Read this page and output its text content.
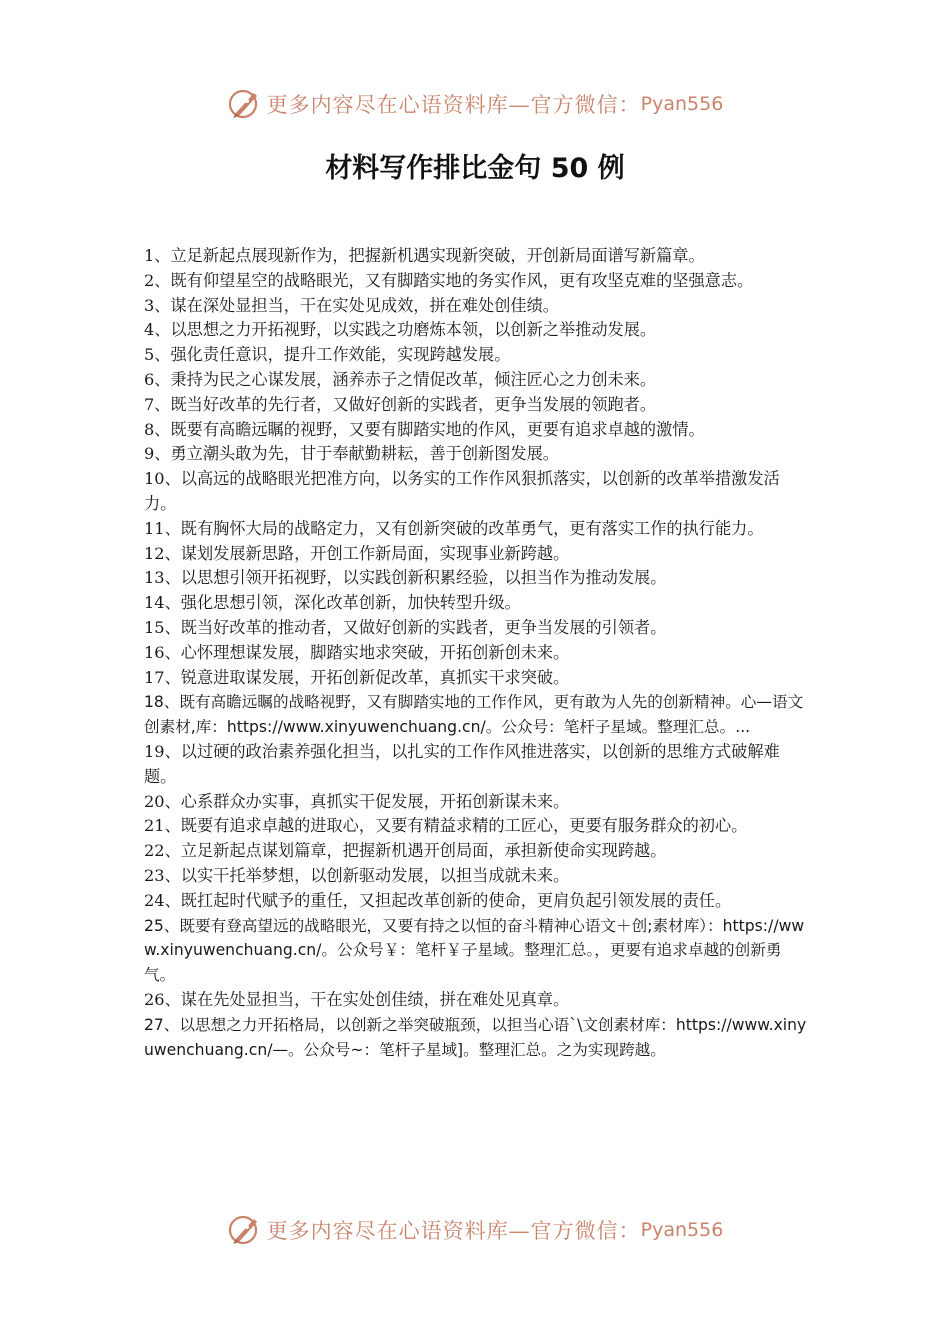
更多内容尽在心语资料库—官方微信： Pyan556
材料写作排比金句 50 例

1、立足新起点展现新作为，把握新机遇实现新突破，开创新局面谱写新篇章。

2、既有仰望星空的战略眼光，又有脚踏实地的务实作风，更有攻坚克难的坚强意志。

3、谋在深处显担当，干在实处见成效，拼在难处创佳绩。

4、以思想之力开拓视野，以实践之功磨炼本领，以创新之举推动发展。

5、强化责任意识，提升工作效能，实现跨越发展。

6、秉持为民之心谋发展，涵养赤子之情促改革，倾注匠心之力创未来。

7、既当好改革的先行者，又做好创新的实践者，更争当发展的领跑者。

8、既要有高瞻远瞩的视野，又要有脚踏实地的作风，更要有追求卓越的激情。

9、勇立潮头敢为先，甘于奉献勤耕耘，善于创新图发展。

10、以高远的战略眼光把准方向，以务实的工作作风狠抓落实，以创新的改革举措激发活力。

11、既有胸怀大局的战略定力，又有创新突破的改革勇气，更有落实工作的执行能力。

12、谋划发展新思路，开创工作新局面，实现事业新跨越。

13、以思想引领开拓视野，以实践创新积累经验，以担当作为推动发展。

14、强化思想引领，深化改革创新，加快转型升级。

15、既当好改革的推动者，又做好创新的实践者，更争当发展的引领者。

16、心怀理想谋发展，脚踏实地求突破，开拓创新创未来。

17、锐意进取谋发展，开拓创新促改革，真抓实干求突破。

18、既有高瞻远瞩的战略视野，又有脚踏实地的工作作风，更有敢为人先的创新精神。心—语文创素材,库：https://www.xinyuwenchuang.cn/。公众号：笔杆子星域。整理汇总。...

19、以过硬的政治素养强化担当，以扎实的工作作风推进落实，以创新的思维方式破解难题。

20、心系群众办实事，真抓实干促发展，开拓创新谋未来。

21、既要有追求卓越的进取心，又要有精益求精的工匠心，更要有服务群众的初心。

22、立足新起点谋划篇章，把握新机遇开创局面，承担新使命实现跨越。

23、以实干托举梦想，以创新驱动发展，以担当成就未来。

24、既扛起时代赋予的重任，又担起改革创新的使命，更肩负起引领发展的责任。

25、既要有登高望远的战略眼光，又要有持之以恒的奋斗精神心语文＋创;素材库）：https://www.xinyuwenchuang.cn/。公众号￥：笔杆￥子星域。整理汇总。，更要有追求卓越的创新勇气。

26、谋在先处显担当，干在实处创佳绩，拼在难处见真章。

27、以思想之力开拓格局，以创新之举突破瓶颈，以担当心语`\文创素材库：https://www.xinyuwenchuang.cn/—。公众号~：笔杆子星域]。整理汇总。之为实现跨越。

更多内容尽在心语资料库—官方微信： Pyan556
